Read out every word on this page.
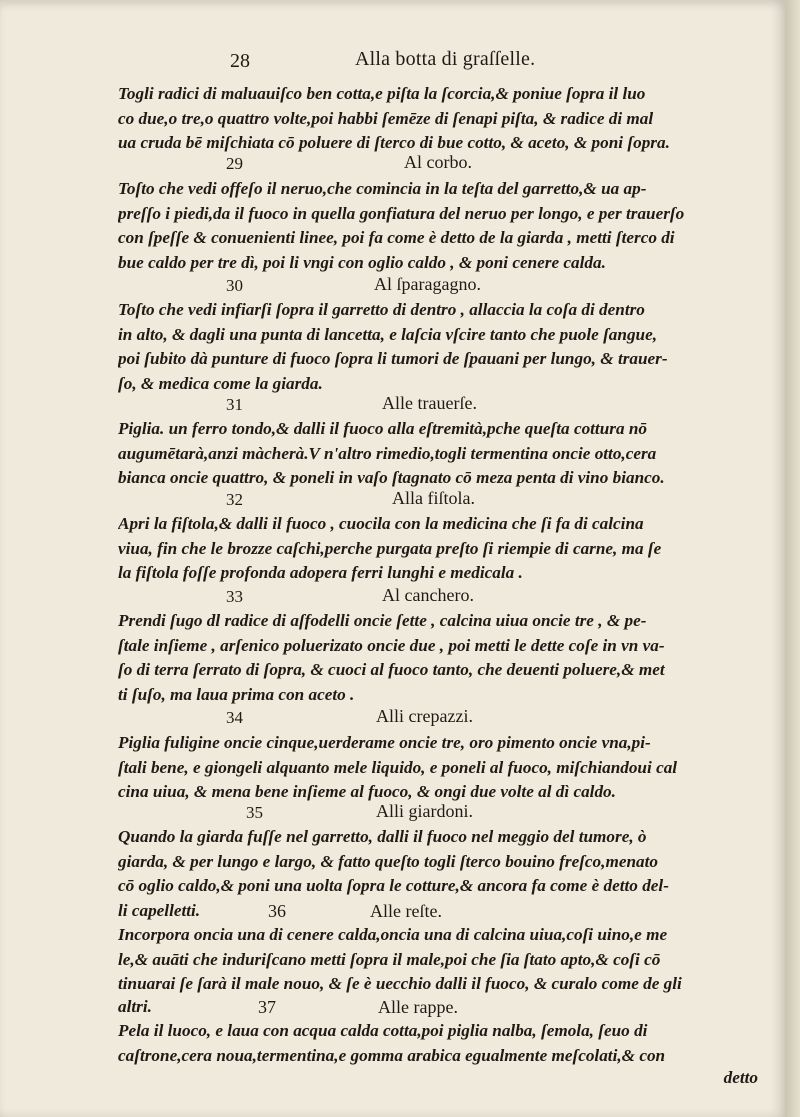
28	Alla botta di graſſelle.
Togli radici di maluauiſco ben cotta,e piſta la ſcorcia,& poniue ſopra il luo
co due,o tre,o quattro volte,poi habbi ſemēze di ſenapi piſta, & radice di mal
ua cruda bē miſchiata cō poluere di ſterco di bue cotto, & aceto, & poni ſopra.
29	Al corbo.
Toſto che vedi offeſo il neruo,che comincia in la teſta del garretto,& ua ap-
preſſo i piedi,da il fuoco in quella gonfiatura del neruo per longo, e per trauerſo
con ſpeſſe & conuenienti linee, poi fa come è detto de la giarda , metti ſterco di
bue caldo per tre dì, poi li vngi con oglio caldo , & poni cenere calda.
30	Al ſparagagno.
Toſto che vedi infiarſi ſopra il garretto di dentro , allaccia la coſa di dentro
in alto, & dagli una punta di lancetta, e laſcia vſcire tanto che puole ſangue,
poi ſubito dà punture di fuoco ſopra li tumori de ſpauani per lungo, & trauer-
ſo, & medica come la giarda.
31	Alle trauerſe.
Piglia. un ferro tondo,& dalli il fuoco alla eſtremità,pche queſta cottura nō
augumētarà,anzi màcherà.V n'altro rimedio,togli termentina oncie otto,cera
bianca oncie quattro, & poneli in vaſo ſtagnato cō meza penta di vino bianco.
32	Alla fiſtola.
Apri la fiſtola,& dalli il fuoco , cuocila con la medicina che ſi fa di calcina
viua, fin che le brozze caſchi,perche purgata preſto ſi riempie di carne, ma ſe
la fiſtola foſſe profonda adopera ferri lunghi e medicala .
33	Al canchero.
Prendi ſugo dl radice di aſfodelli oncie ſette , calcina uiua oncie tre , & pe-
ſtale inſieme , arſenico poluerizato oncie due , poi metti le dette coſe in vn va-
ſo di terra ſerrato di ſopra, & cuoci al fuoco tanto, che deuenti poluere,& met
ti ſuſo, ma laua prima con aceto .
34	Alli crepazzi.
Piglia fuligine oncie cinque,uerderame oncie tre, oro pimento oncie vna,pi-
ſtali bene, e giongeli alquanto mele liquido, e poneli al fuoco, miſchiandoui cal
cina uiua, & mena bene inſieme al fuoco, & ongi due volte al dì caldo.
35	Alli giardoni.
Quando la giarda fuſſe nel garretto, dalli il fuoco nel meggio del tumore, ò
giarda, & per lungo e largo, & fatto queſto togli ſterco bouino freſco,menato
cō oglio caldo,& poni una uolta ſopra le cotture,& ancora fa come è detto del-
li capelletti.	36	Alle reſte.
Incorpora oncia una di cenere calda,oncia una di calcina uiua,coſi uino,e me
le,& auāti che induriſcano metti ſopra il male,poi che ſia ſtato apto,& coſi cō
tinuarai ſe ſarà il male nouo, & ſe è uecchio dalli il fuoco, & curalo come de gli
altri.	37	Alle rappe.
Pela il luoco, e laua con acqua calda cotta,poi piglia nalba, ſemola, ſeuo di
caſtrone,cera noua,termentina,e gomma arabica egualmente meſcolati,& con
detto
